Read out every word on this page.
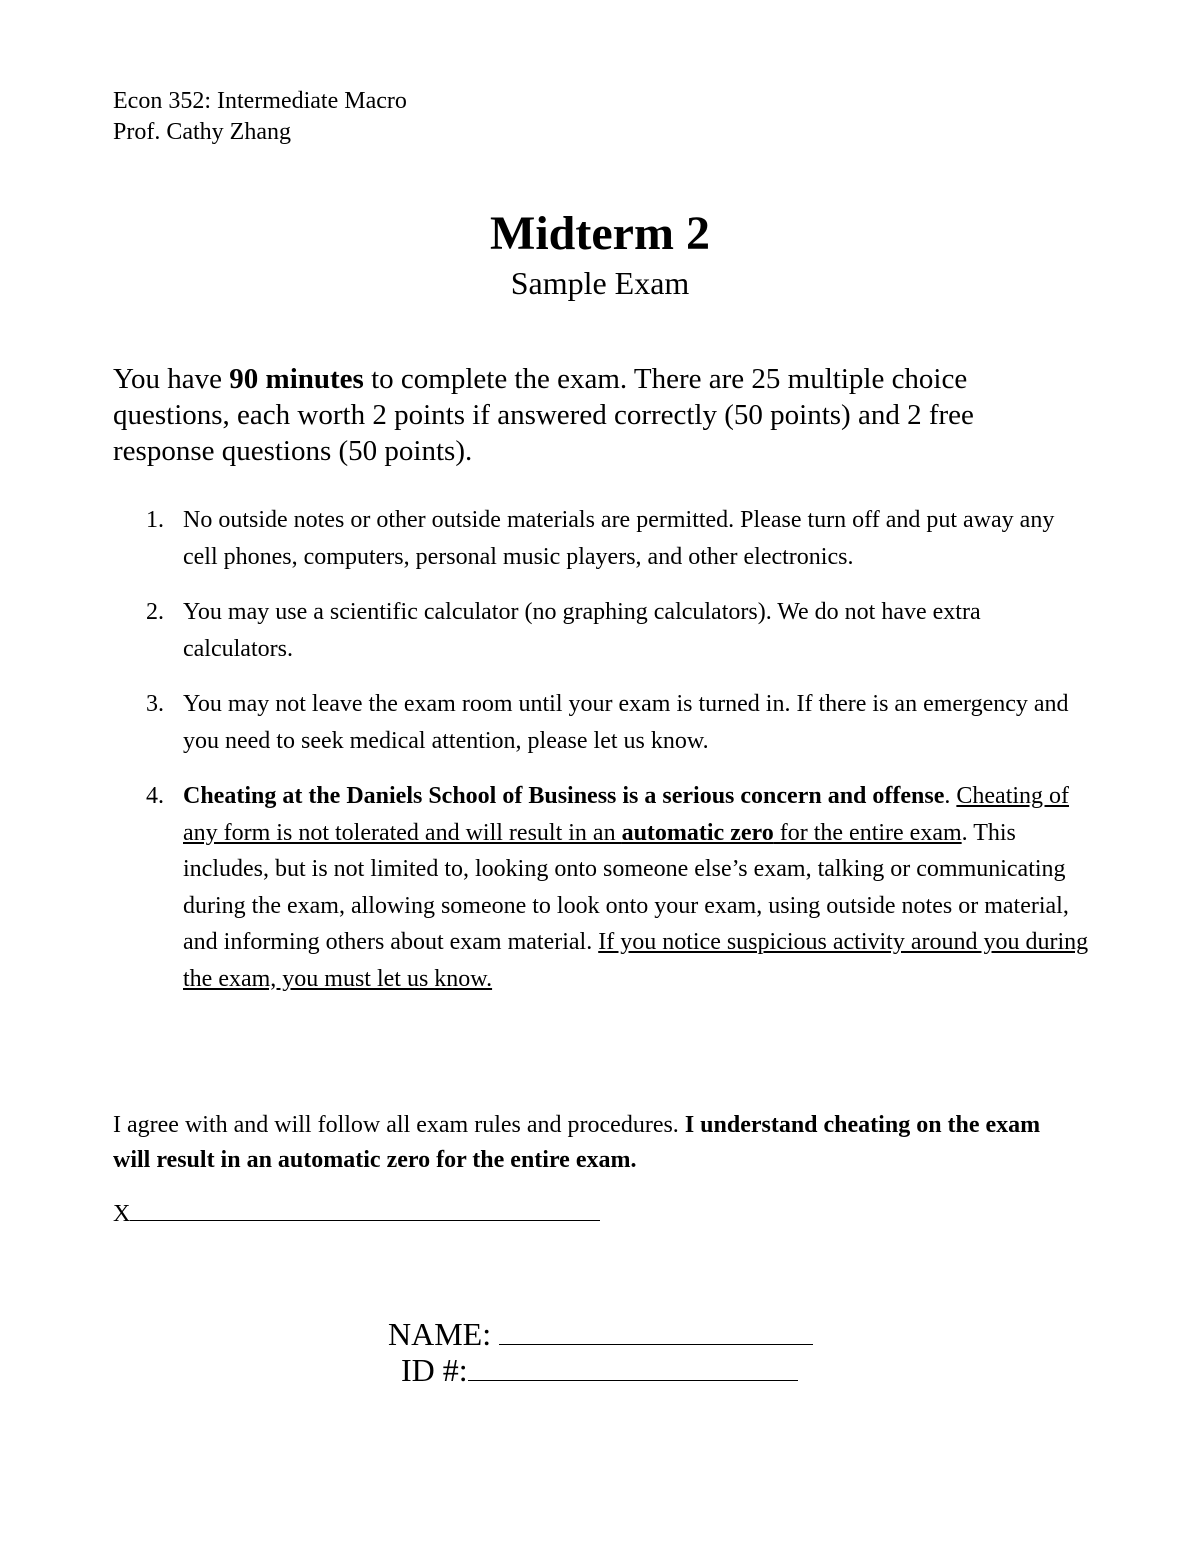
Econ 352: Intermediate Macro
Prof. Cathy Zhang
Midterm 2
Sample Exam
You have 90 minutes to complete the exam. There are 25 multiple choice questions, each worth 2 points if answered correctly (50 points) and 2 free response questions (50 points).
1. No outside notes or other outside materials are permitted. Please turn off and put away any cell phones, computers, personal music players, and other electronics.
2. You may use a scientific calculator (no graphing calculators). We do not have extra calculators.
3. You may not leave the exam room until your exam is turned in. If there is an emergency and you need to seek medical attention, please let us know.
4. Cheating at the Daniels School of Business is a serious concern and offense. Cheating of any form is not tolerated and will result in an automatic zero for the entire exam. This includes, but is not limited to, looking onto someone else’s exam, talking or communicating during the exam, allowing someone to look onto your exam, using outside notes or material, and informing others about exam material. If you notice suspicious activity around you during the exam, you must let us know.
I agree with and will follow all exam rules and procedures. I understand cheating on the exam will result in an automatic zero for the entire exam.
X
NAME:
ID #:
